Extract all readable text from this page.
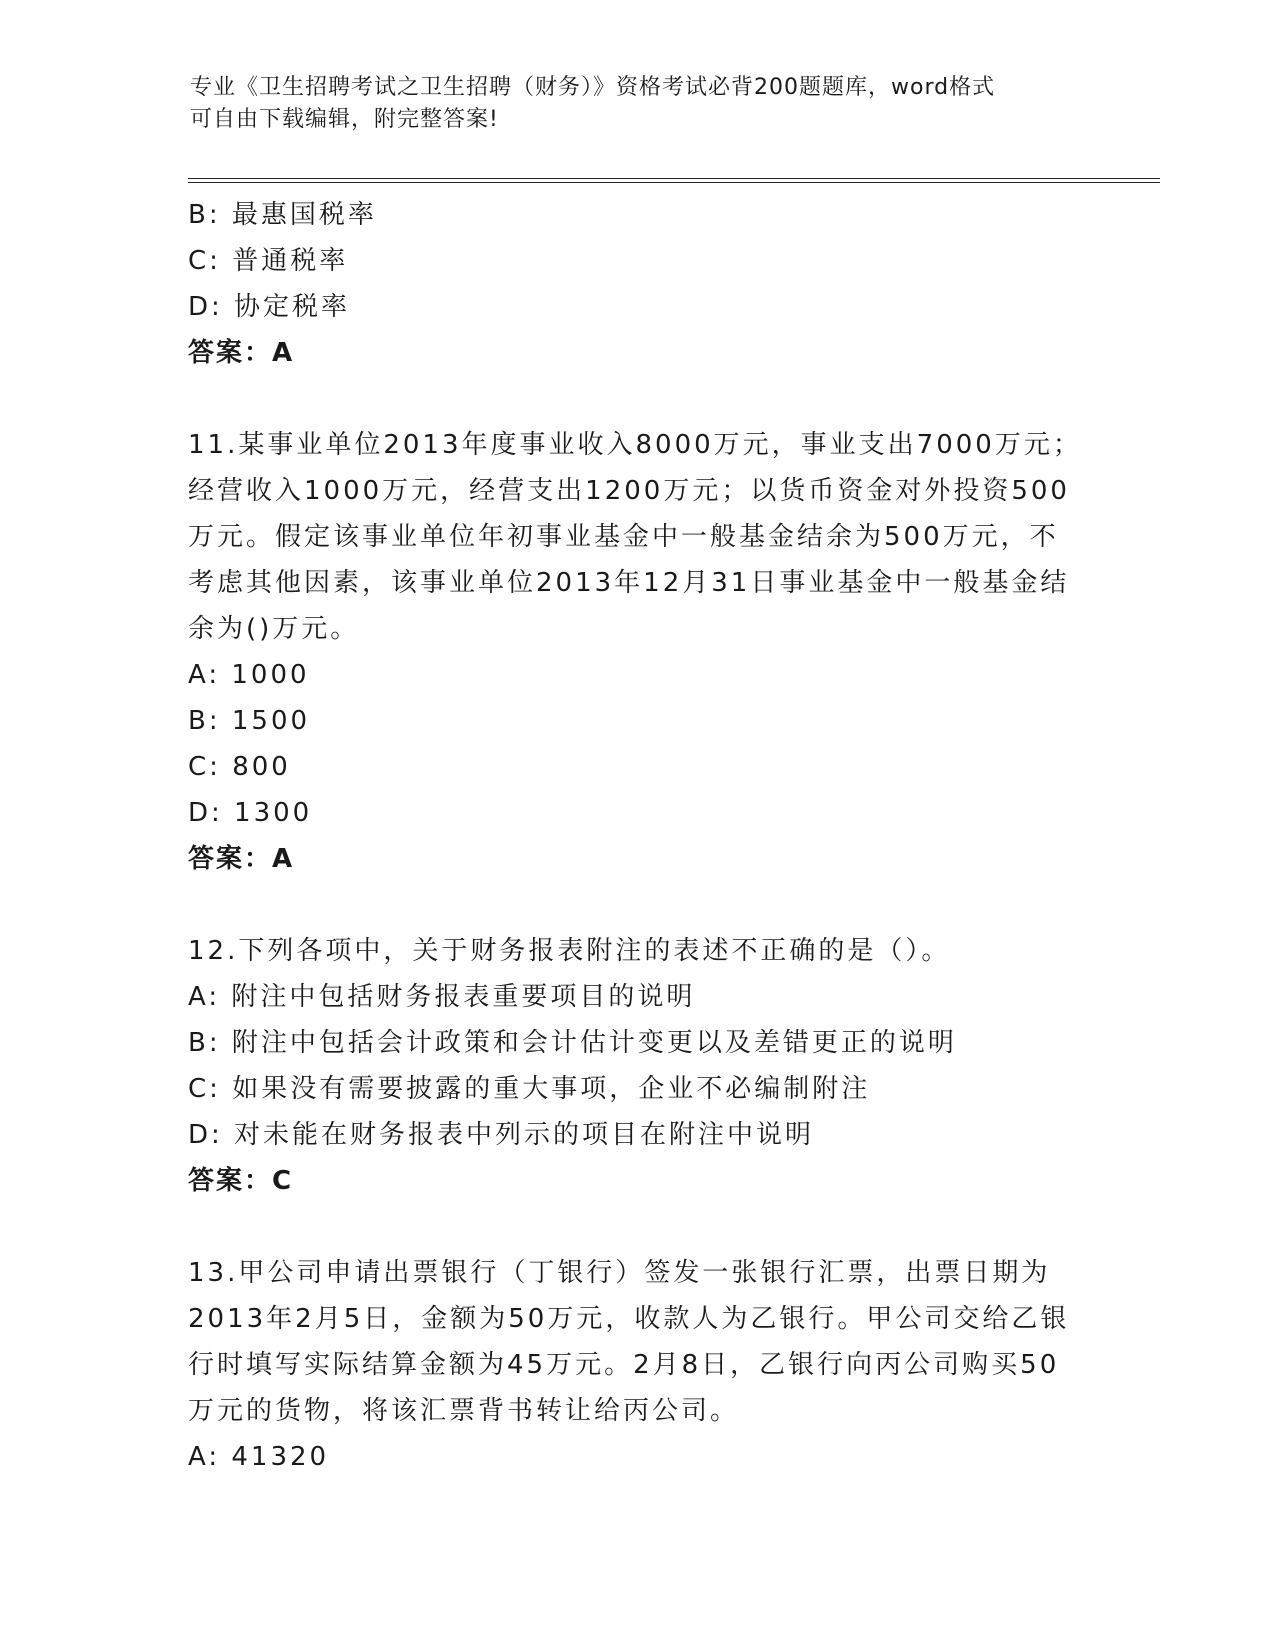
专业《卫生招聘考试之卫生招聘（财务）》资格考试必背200题题库，word格式
可自由下载编辑，附完整答案!
B: 最惠国税率
C: 普通税率
D: 协定税率
答案：A
11.某事业单位2013年度事业收入8000万元，事业支出7000万元；
经营收入1000万元，经营支出1200万元；以货币资金对外投资500
万元。假定该事业单位年初事业基金中一般基金结余为500万元，不
考虑其他因素，该事业单位2013年12月31日事业基金中一般基金结
余为()万元。
A: 1000
B: 1500
C: 800
D: 1300
答案：A
12.下列各项中，关于财务报表附注的表述不正确的是（）。
A: 附注中包括财务报表重要项目的说明
B: 附注中包括会计政策和会计估计变更以及差错更正的说明
C: 如果没有需要披露的重大事项，企业不必编制附注
D: 对未能在财务报表中列示的项目在附注中说明
答案：C
13.甲公司申请出票银行（丁银行）签发一张银行汇票，出票日期为
2013年2月5日，金额为50万元，收款人为乙银行。甲公司交给乙银
行时填写实际结算金额为45万元。2月8日，乙银行向丙公司购买50
万元的货物，将该汇票背书转让给丙公司。
A: 41320
